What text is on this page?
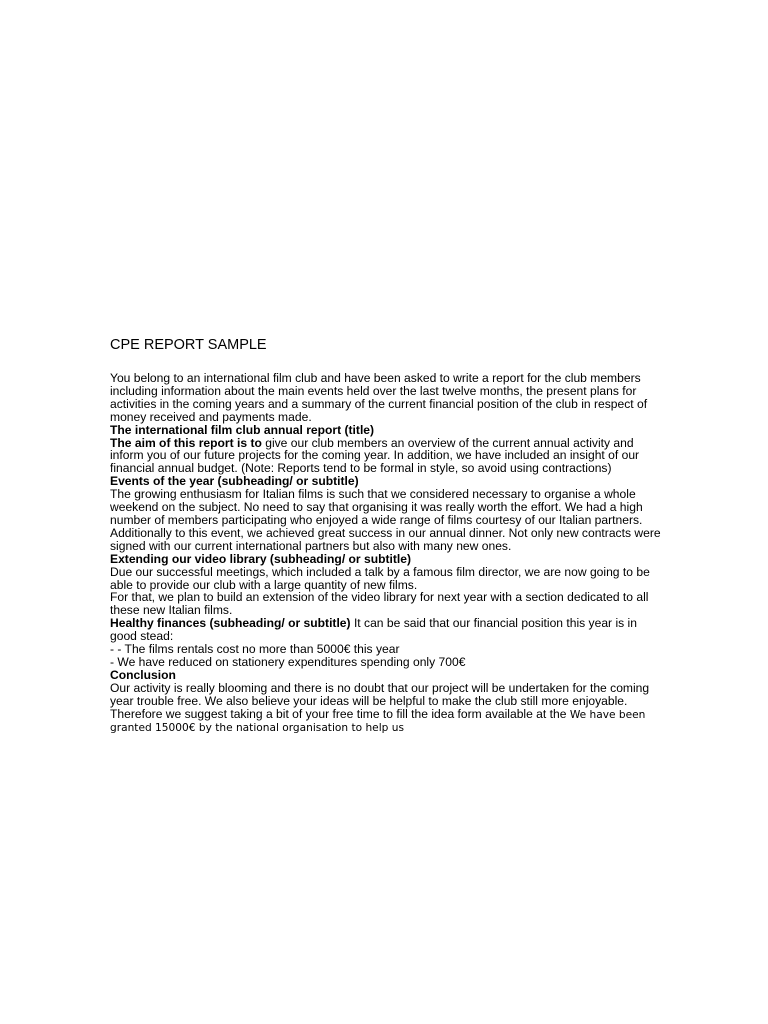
CPE REPORT SAMPLE

You belong to an international film club and have been asked to write a report for the club members including information about the main events held over the last twelve months, the present plans for activities in the coming years and a summary of the current financial position of the club in respect of money received and payments made.

The international film club annual report (title)

The aim of this report is to give our club members an overview of the current annual activity and inform you of our future projects for the coming year. In addition, we have included an insight of our financial annual budget. (Note: Reports tend to be formal in style, so avoid using contractions)

Events of the year (subheading/ or subtitle)

The growing enthusiasm for Italian films is such that we considered necessary to organise a whole weekend on the subject. No need to say that organising it was really worth the effort. We had a high number of members participating who enjoyed a wide range of films courtesy of our Italian partners. Additionally to this event, we achieved great success in our annual dinner. Not only new contracts were signed with our current international partners but also with many new ones.

Extending our video library (subheading/ or subtitle)

Due our successful meetings, which included a talk by a famous film director, we are now going to be able to provide our club with a large quantity of new films.

For that, we plan to build an extension of the video library for next year with a section dedicated to all these new Italian films.

Healthy finances (subheading/ or subtitle) It can be said that our financial position this year is in good stead:

- - The films rentals cost no more than 5000€ this year

- We have reduced on stationery expenditures spending only 700€

Conclusion

Our activity is really blooming and there is no doubt that our project will be undertaken for the coming year trouble free. We also believe your ideas will be helpful to make the club still more enjoyable. Therefore we suggest taking a bit of your free time to fill the idea form available at the We have been granted 15000€ by the national organisation to help us
